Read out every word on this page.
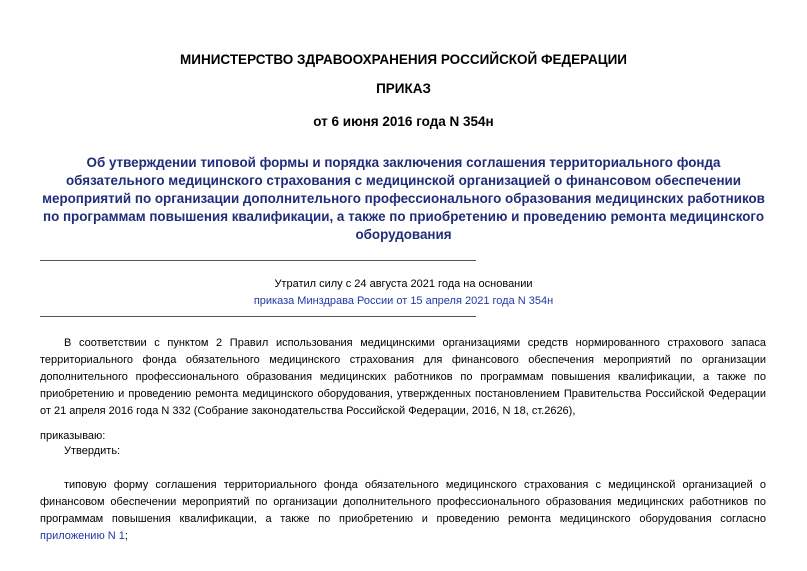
МИНИСТЕРСТВО ЗДРАВООХРАНЕНИЯ РОССИЙСКОЙ ФЕДЕРАЦИИ
ПРИКАЗ
от 6 июня 2016 года N 354н
Об утверждении типовой формы и порядка заключения соглашения территориального фонда обязательного медицинского страхования с медицинской организацией о финансовом обеспечении мероприятий по организации дополнительного профессионального образования медицинских работников по программам повышения квалификации, а также по приобретению и проведению ремонта медицинского оборудования
Утратил силу с 24 августа 2021 года на основании
приказа Минздрава России от 15 апреля 2021 года N 354н
В соответствии с пунктом 2 Правил использования медицинскими организациями средств нормированного страхового запаса территориального фонда обязательного медицинского страхования для финансового обеспечения мероприятий по организации дополнительного профессионального образования медицинских работников по программам повышения квалификации, а также по приобретению и проведению ремонта медицинского оборудования, утвержденных постановлением Правительства Российской Федерации от 21 апреля 2016 года N 332 (Собрание законодательства Российской Федерации, 2016, N 18, ст.2626),
приказываю:
Утвердить:
типовую форму соглашения территориального фонда обязательного медицинского страхования с медицинской организацией о финансовом обеспечении мероприятий по организации дополнительного профессионального образования медицинских работников по программам повышения квалификации, а также по приобретению и проведению ремонта медицинского оборудования согласно приложению N 1;
